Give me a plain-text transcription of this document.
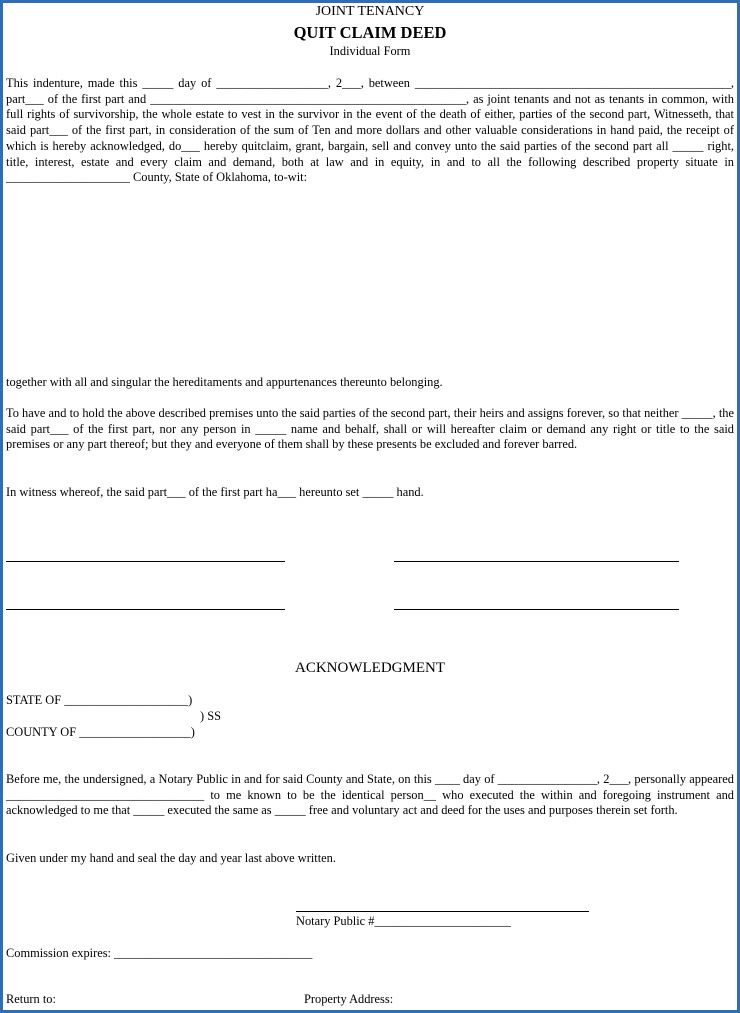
JOINT TENANCY
QUIT CLAIM DEED
Individual Form
This indenture, made this _____ day of __________________, 2___, between ___________________________________________________, part___ of the first part and ___________________________________________________, as joint tenants and not as tenants in common, with full rights of survivorship, the whole estate to vest in the survivor in the event of the death of either, parties of the second part, Witnesseth, that said part___ of the first part, in consideration of the sum of Ten and more dollars and other valuable considerations in hand paid, the receipt of which is hereby acknowledged, do___ hereby quitclaim, grant, bargain, sell and convey unto the said parties of the second part all _____ right, title, interest, estate and every claim and demand, both at law and in equity, in and to all the following described property situate in ____________________ County, State of Oklahoma, to-wit:
together with all and singular the hereditaments and appurtenances thereunto belonging.
To have and to hold the above described premises unto the said parties of the second part, their heirs and assigns forever, so that neither _____, the said part___ of the first part, nor any person in _____ name and behalf, shall or will hereafter claim or demand any right or title to the said premises or any part thereof; but they and everyone of them shall by these presents be excluded and forever barred.
In witness whereof, the said part___ of the first part ha___ hereunto set _____ hand.
ACKNOWLEDGMENT
STATE OF ____________________)
) SS
COUNTY OF __________________)
Before me, the undersigned, a Notary Public in and for said County and State, on this ____ day of ________________, 2___, personally appeared ________________________________ to me known to be the identical person__ who executed the within and foregoing instrument and acknowledged to me that _____ executed the same as _____ free and voluntary act and deed for the uses and purposes therein set forth.
Given under my hand and seal the day and year last above written.
Notary Public #______________________
Commission expires: ________________________________
Return to:	Property Address:
